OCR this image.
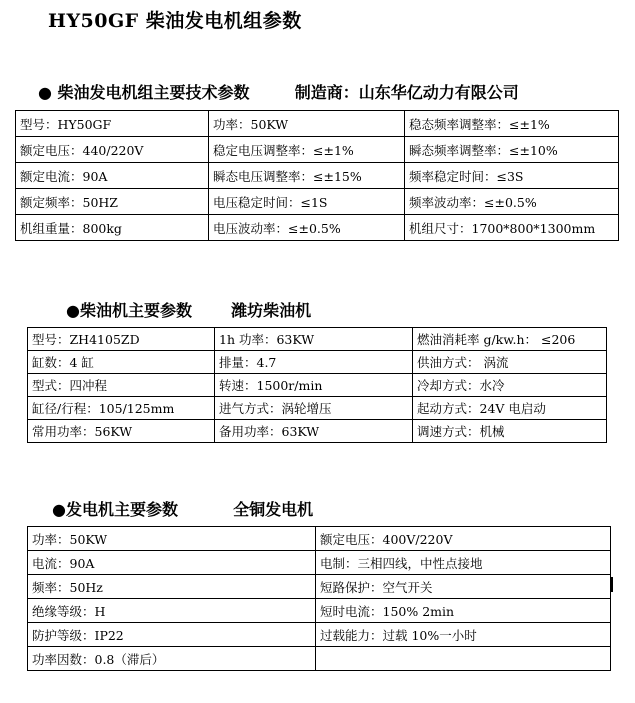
HY50GF 柴油发电机组参数
● 柴油发电机组主要技术参数	制造商：山东华亿动力有限公司
型号：HY50GF	功率：50KW	稳态频率调整率：≤±1%
额定电压：440/220V	稳定电压调整率：≤±1%	瞬态频率调整率：≤±10%
额定电流：90A	瞬态电压调整率：≤±15%	频率稳定时间：≤3S
额定频率：50HZ	电压稳定时间：≤1S	频率波动率：≤±0.5%
机组重量：800kg	电压波动率：≤±0.5%	机组尺寸：1700*800*1300mm
●柴油机主要参数 潍坊柴油机
型号：ZH4105ZD	1h 功率：63KW	燃油消耗率 g/kw.h： ≤206
缸数：4 缸	排量：4.7	供油方式： 涡流
型式：四冲程	转速：1500r/min	冷却方式：水冷
缸径/行程：105/125mm	进气方式：涡轮增压	起动方式：24V 电启动
常用功率：56KW	备用功率：63KW	调速方式：机械
●发电机主要参数	全铜发电机
功率：50KW	额定电压：400V/220V
电流：90A	电制：三相四线，中性点接地
频率：50Hz	短路保护：空气开关
绝缘等级：H	短时电流：150% 2min
防护等级：IP22	过载能力：过载 10%一小时
功率因数：0.8（滞后）	
